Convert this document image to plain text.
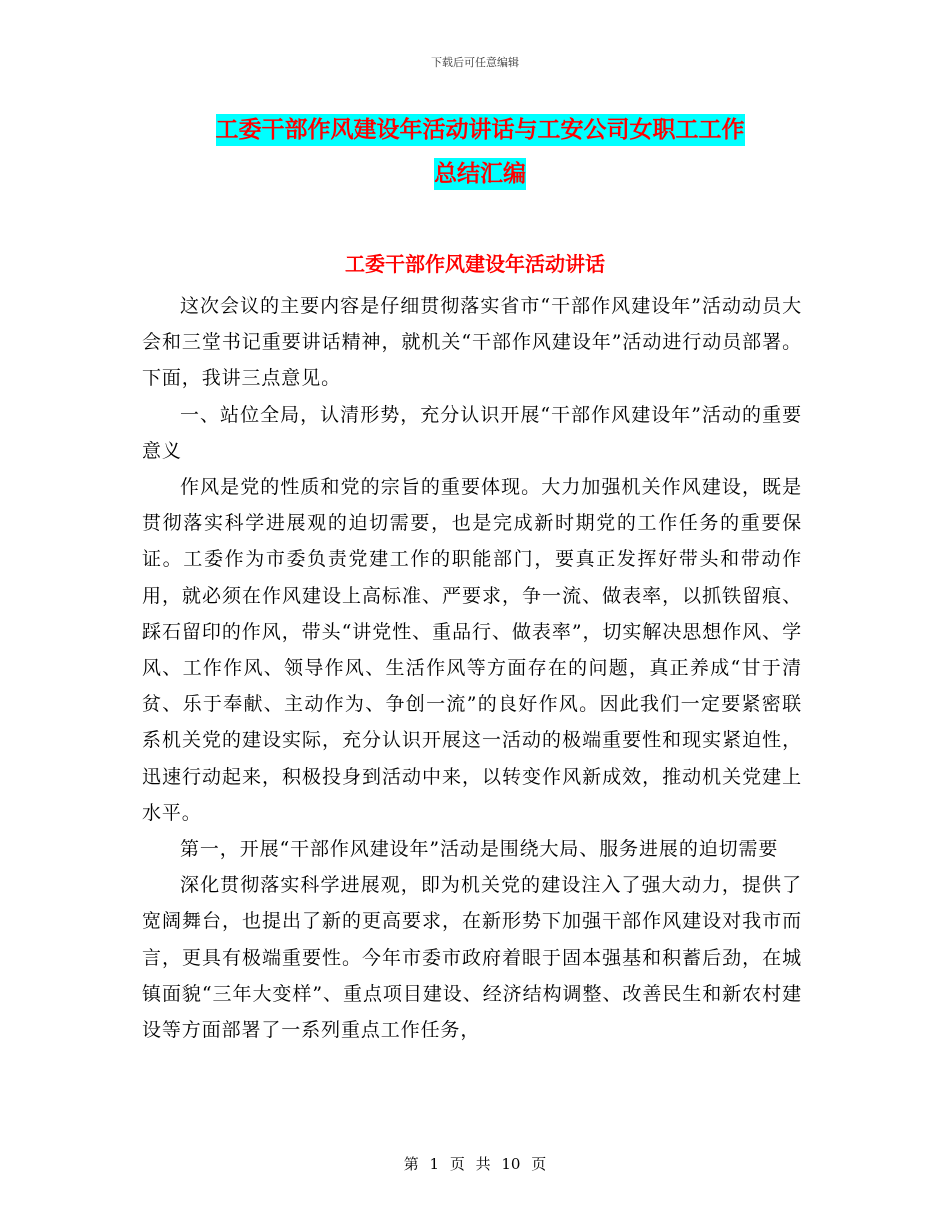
下载后可任意编辑
工委干部作风建设年活动讲话与工安公司女职工工作
总结汇编
工委干部作风建设年活动讲话

这次会议的主要内容是仔细贯彻落实省市“干部作风建设年”活动动员大会和三堂书记重要讲话精神，就机关“干部作风建设年”活动进行动员部署。下面，我讲三点意见。

一、站位全局，认清形势，充分认识开展“干部作风建设年”活动的重要意义

作风是党的性质和党的宗旨的重要体现。大力加强机关作风建设，既是贯彻落实科学进展观的迫切需要，也是完成新时期党的工作任务的重要保证。工委作为市委负责党建工作的职能部门，要真正发挥好带头和带动作用，就必须在作风建设上高标准、严要求，争一流、做表率，以抓铁留痕、踩石留印的作风，带头“讲党性、重品行、做表率”，切实解决思想作风、学风、工作作风、领导作风、生活作风等方面存在的问题，真正养成“甘于清贫、乐于奉献、主动作为、争创一流”的良好作风。因此我们一定要紧密联系机关党的建设实际，充分认识开展这一活动的极端重要性和现实紧迫性，迅速行动起来，积极投身到活动中来，以转变作风新成效，推动机关党建上水平。

第一，开展“干部作风建设年”活动是围绕大局、服务进展的迫切需要

深化贯彻落实科学进展观，即为机关党的建设注入了强大动力，提供了宽阔舞台，也提出了新的更高要求，在新形势下加强干部作风建设对我市而言，更具有极端重要性。今年市委市政府着眼于固本强基和积蓄后劲，在城镇面貌“三年大变样”、重点项目建设、经济结构调整、改善民生和新农村建设等方面部署了一系列重点工作任务，

第 1 页 共 10 页
